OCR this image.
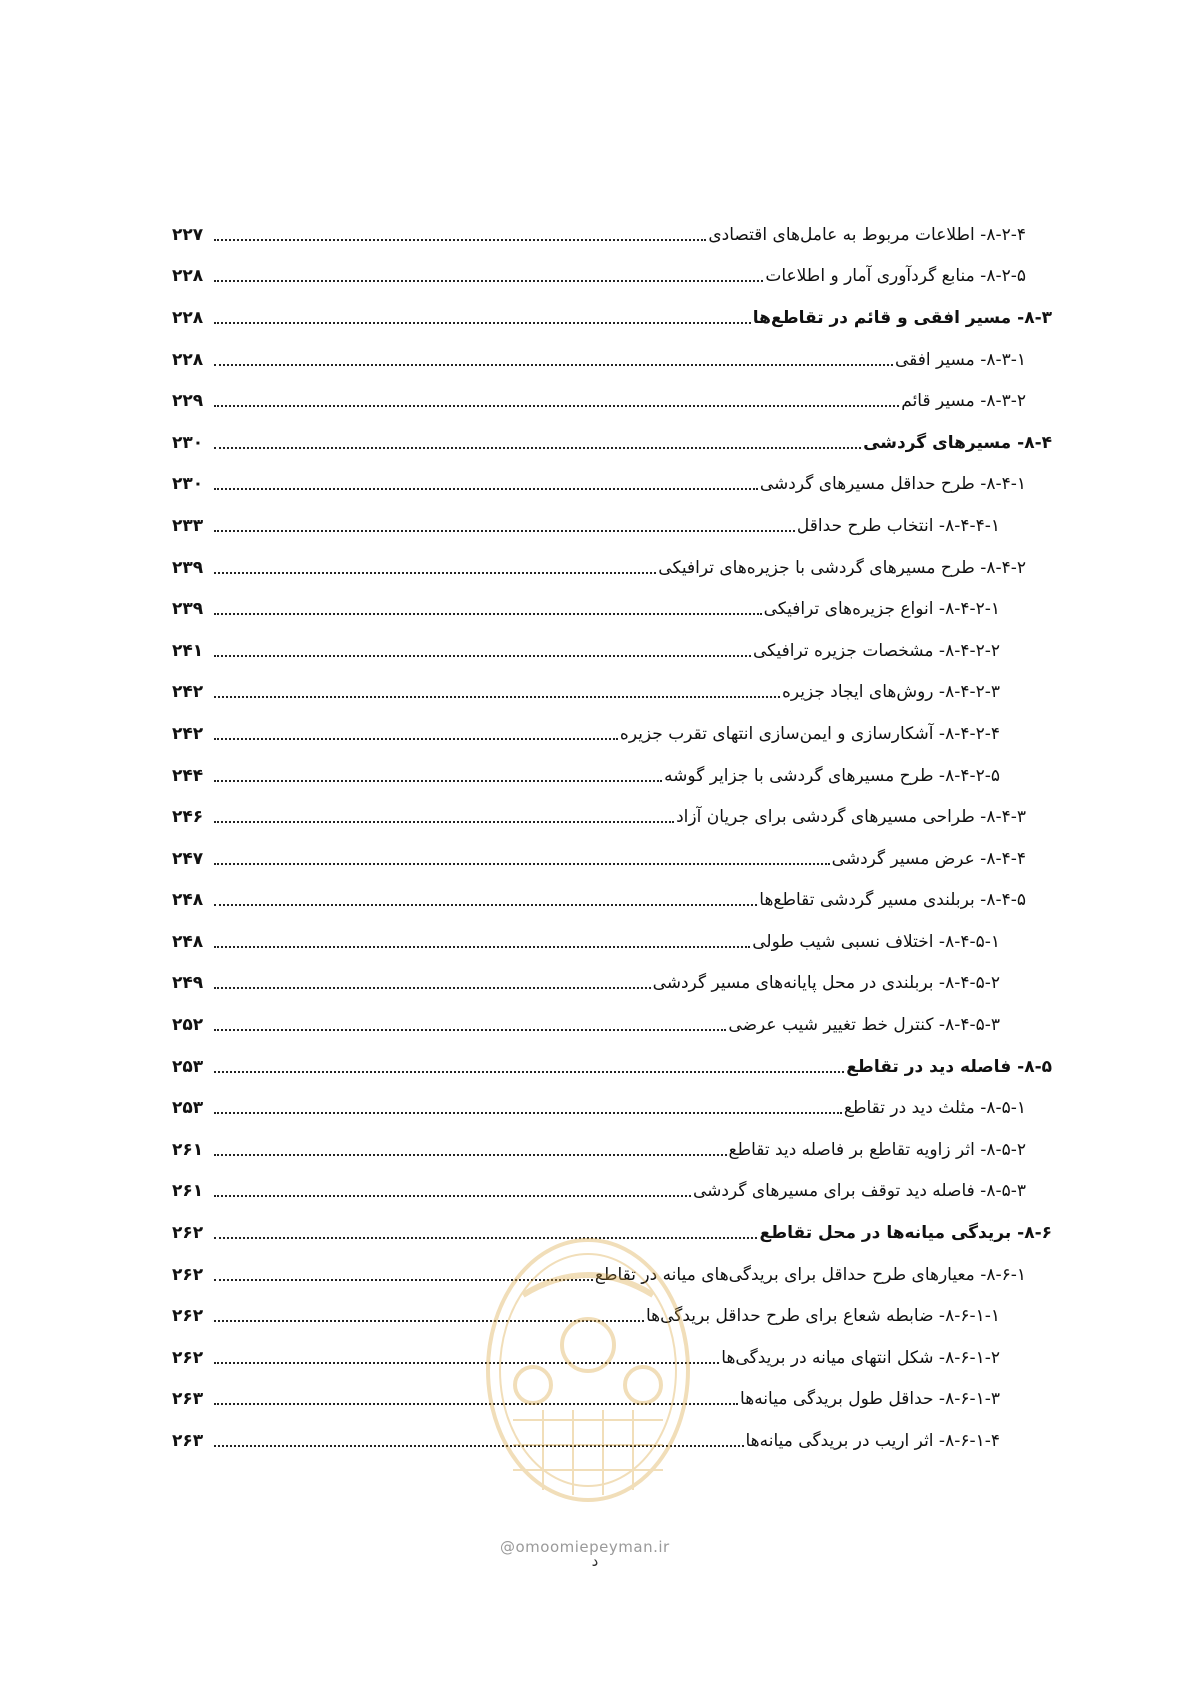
۸-۲-۴- اطلاعات مربوط به عامل‌های اقتصادی
۲۲۷
۸-۲-۵- منابع گردآوری آمار و اطلاعات
۲۲۸
۸-۳- مسیر افقی و قائم در تقاطع‌ها
۲۲۸
۸-۳-۱- مسیر افقی
۲۲۸
۸-۳-۲- مسیر قائم
۲۲۹
۸-۴- مسیرهای گردشی
۲۳۰
۸-۴-۱- طرح حداقل مسیرهای گردشی
۲۳۰
۸-۴-۴-۱- انتخاب طرح حداقل
۲۳۳
۸-۴-۲- طرح مسیرهای گردشی با جزیره‌های ترافیکی
۲۳۹
۸-۴-۲-۱- انواع جزیره‌های ترافیکی
۲۳۹
۸-۴-۲-۲- مشخصات جزیره ترافیکی
۲۴۱
۸-۴-۲-۳- روش‌های ایجاد جزیره
۲۴۲
۸-۴-۲-۴- آشکارسازی و ایمن‌سازی انتهای تقرب جزیره
۲۴۲
۸-۴-۲-۵- طرح مسیرهای گردشی با جزایر گوشه
۲۴۴
۸-۴-۳- طراحی مسیرهای گردشی برای جریان آزاد
۲۴۶
۸-۴-۴- عرض مسیر گردشی
۲۴۷
۸-۴-۵- بربلندی مسیر گردشی تقاطع‌ها
۲۴۸
۸-۴-۵-۱- اختلاف نسبی شیب طولی
۲۴۸
۸-۴-۵-۲- بربلندی در محل پایانه‌های مسیر گردشی
۲۴۹
۸-۴-۵-۳- کنترل خط تغییر شیب عرضی
۲۵۲
۸-۵- فاصله دید در تقاطع
۲۵۳
۸-۵-۱- مثلث دید در تقاطع
۲۵۳
۸-۵-۲- اثر زاویه تقاطع بر فاصله دید تقاطع
۲۶۱
۸-۵-۳- فاصله دید توقف برای مسیرهای گردشی
۲۶۱
۸-۶- بریدگی میانه‌ها در محل تقاطع
۲۶۲
۸-۶-۱- معیارهای طرح حداقل برای بریدگی‌های میانه در تقاطع
۲۶۲
۸-۶-۱-۱- ضابطه شعاع برای طرح حداقل بریدگی‌ها
۲۶۲
۸-۶-۱-۲- شکل انتهای میانه در بریدگی‌ها
۲۶۲
۸-۶-۱-۳- حداقل طول بریدگی میانه‌ها
۲۶۳
۸-۶-۱-۴- اثر اریب در بریدگی میانه‌ها
۲۶۳
@omoomiepeyman.ir
د
